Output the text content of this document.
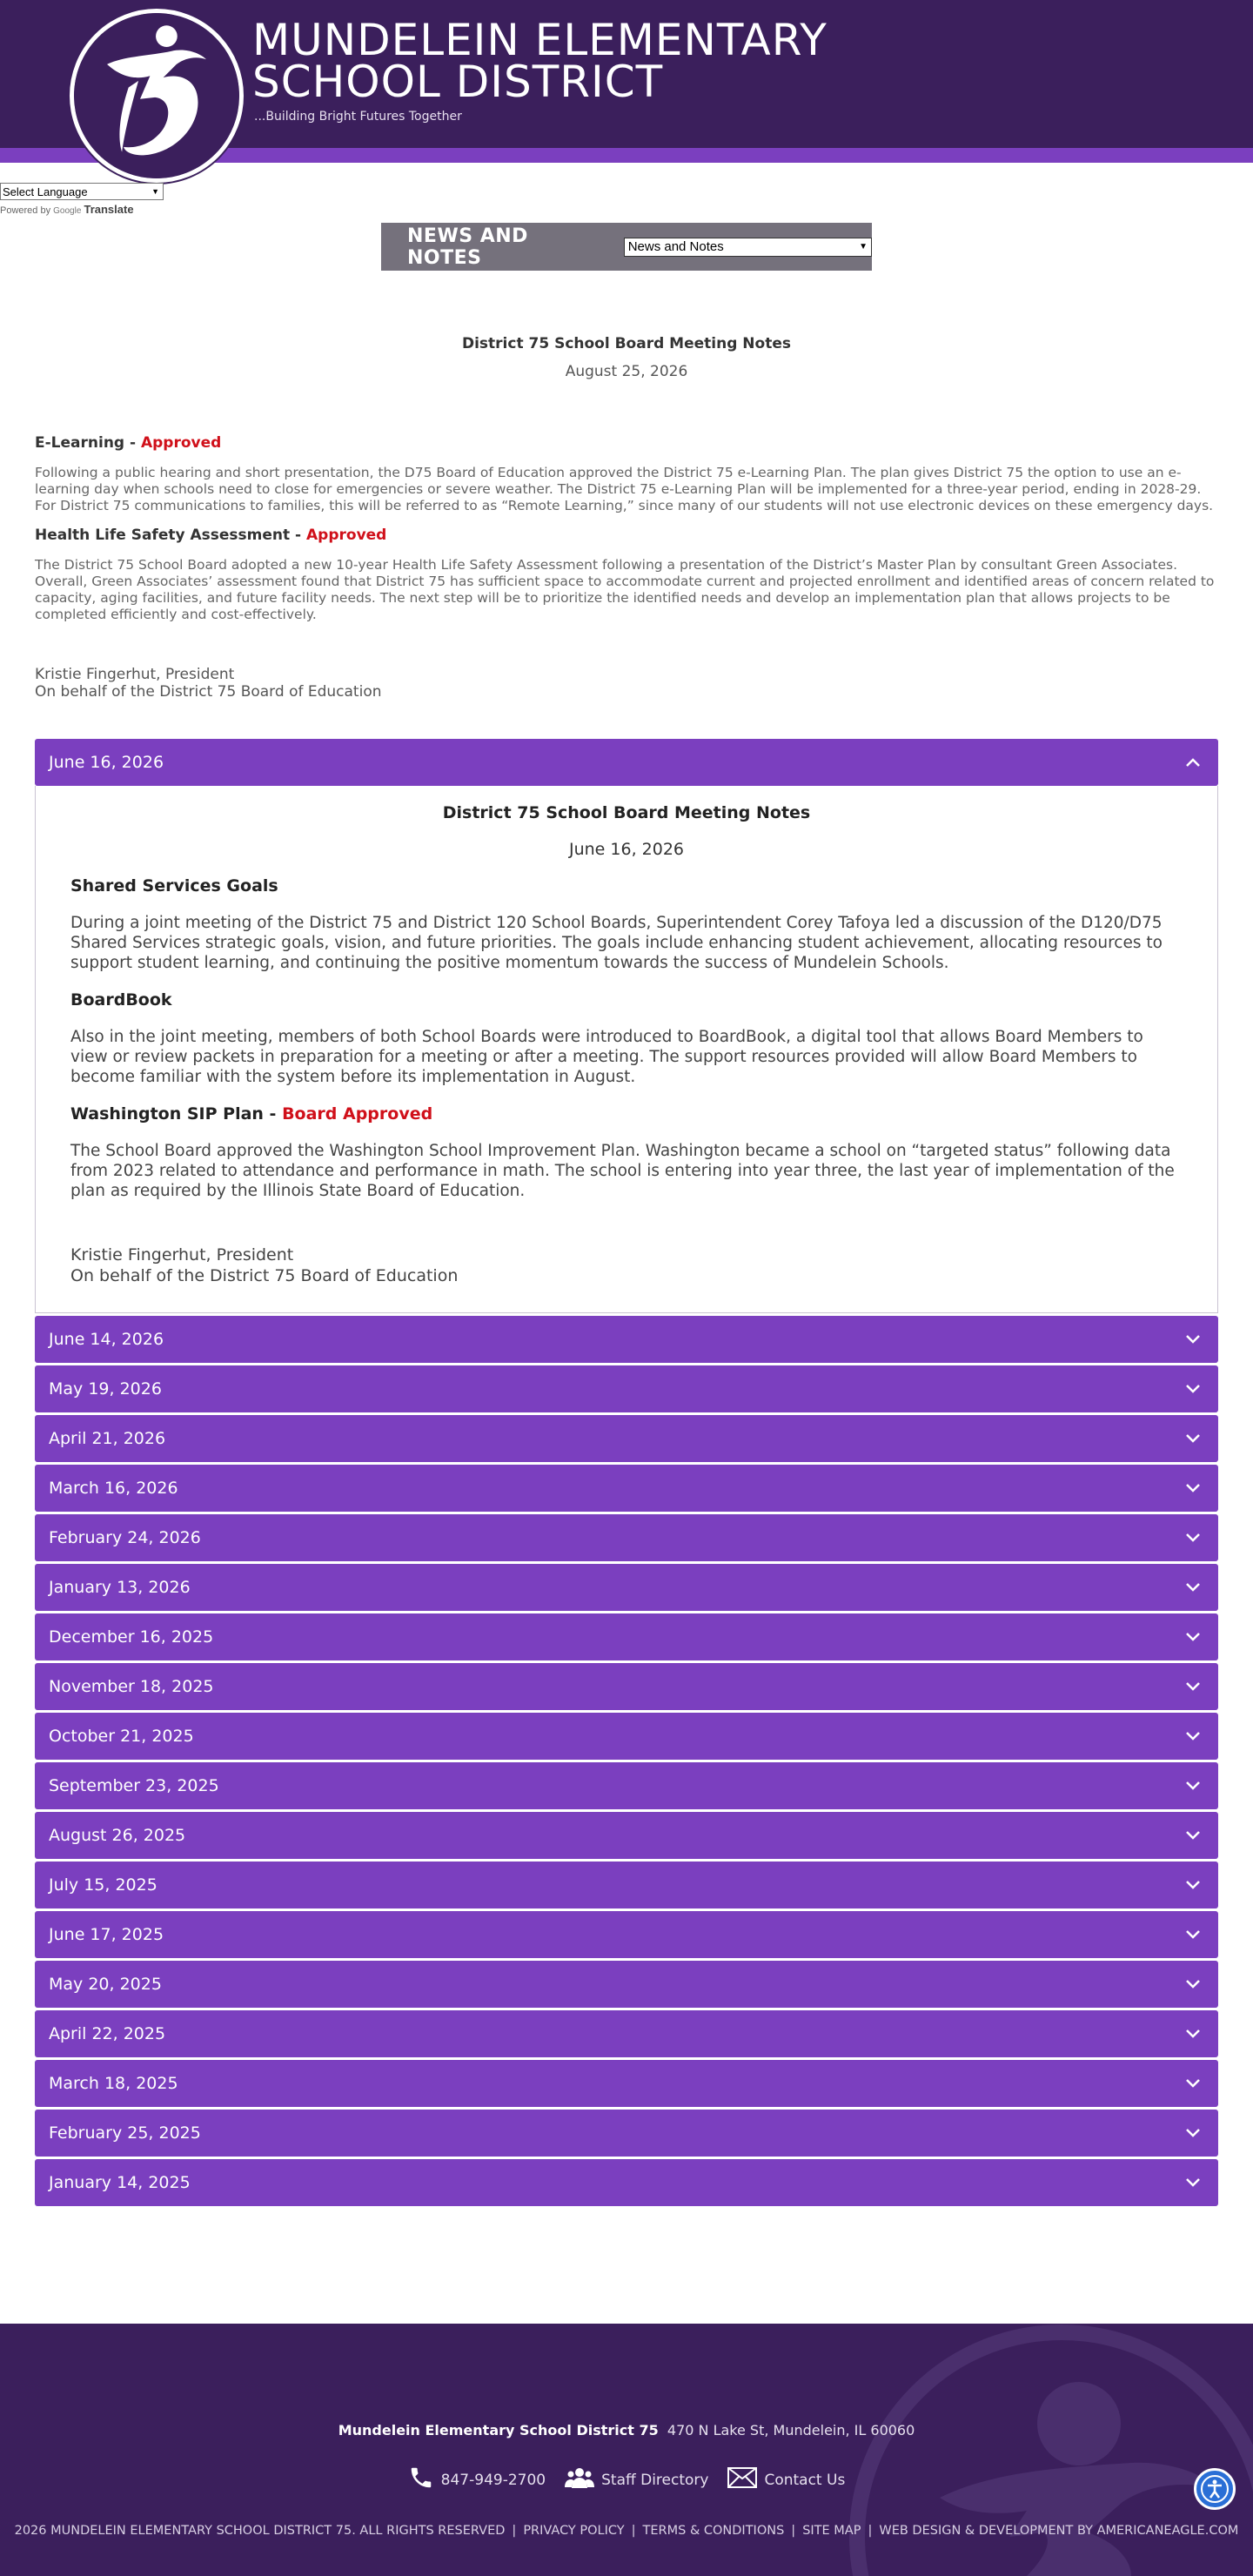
MUNDELEIN ELEMENTARY
SCHOOL DISTRICT
...Building Bright Futures Together
Select Language	▼
Powered by Google Translate
NEWS AND NOTES	News and Notes	▼
District 75 School Board Meeting Notes
August 25, 2026
E-Learning - Approved
Following a public hearing and short presentation, the D75 Board of Education approved the District 75 e-Learning Plan. The plan gives District 75 the option to use an e-learning day when schools need to close for emergencies or severe weather. The District 75 e-Learning Plan will be implemented for a three-year period, ending in 2028-29. For District 75 communications to families, this will be referred to as “Remote Learning,” since many of our students will not use electronic devices on these emergency days.
Health Life Safety Assessment - Approved
The District 75 School Board adopted a new 10-year Health Life Safety Assessment following a presentation of the District’s Master Plan by consultant Green Associates. Overall, Green Associates’ assessment found that District 75 has sufficient space to accommodate current and projected enrollment and identified areas of concern related to capacity, aging facilities, and future facility needs. The next step will be to prioritize the identified needs and develop an implementation plan that allows projects to be completed efficiently and cost-effectively.
Kristie Fingerhut, President
On behalf of the District 75 Board of Education
June 16, 2026
District 75 School Board Meeting Notes
June 16, 2026
Shared Services Goals
During a joint meeting of the District 75 and District 120 School Boards, Superintendent Corey Tafoya led a discussion of the D120/D75 Shared Services strategic goals, vision, and future priorities. The goals include enhancing student achievement, allocating resources to support student learning, and continuing the positive momentum towards the success of Mundelein Schools.
BoardBook
Also in the joint meeting, members of both School Boards were introduced to BoardBook, a digital tool that allows Board Members to view or review packets in preparation for a meeting or after a meeting. The support resources provided will allow Board Members to become familiar with the system before its implementation in August.
Washington SIP Plan - Board Approved
The School Board approved the Washington School Improvement Plan. Washington became a school on “targeted status” following data from 2023 related to attendance and performance in math. The school is entering into year three, the last year of implementation of the plan as required by the Illinois State Board of Education.
Kristie Fingerhut, President
On behalf of the District 75 Board of Education
June 14, 2026
May 19, 2026
April 21, 2026
March 16, 2026
February 24, 2026
January 13, 2026
December 16, 2025
November 18, 2025
October 21, 2025
September 23, 2025
August 26, 2025
July 15, 2025
June 17, 2025
May 20, 2025
April 22, 2025
March 18, 2025
February 25, 2025
January 14, 2025
Mundelein Elementary School District 75 470 N Lake St, Mundelein, IL 60060
847-949-2700	Staff Directory	Contact Us
2026 MUNDELEIN ELEMENTARY SCHOOL DISTRICT 75. ALL RIGHTS RESERVED | PRIVACY POLICY | TERMS & CONDITIONS | SITE MAP | WEB DESIGN & DEVELOPMENT BY AMERICANEAGLE.COM
